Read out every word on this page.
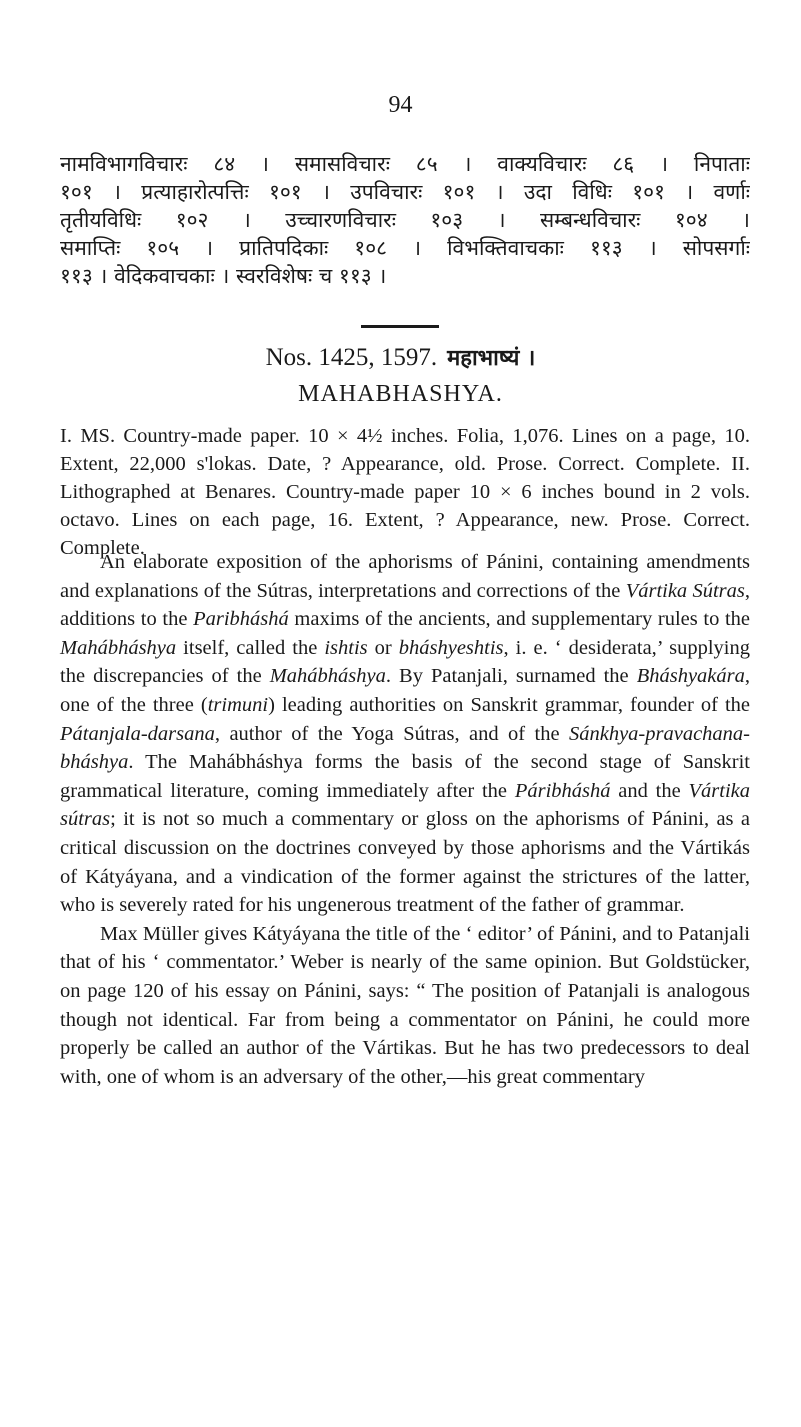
94
नामविभागविचारः ८४ । समासविचारः ८५ । वाक्यविचारः ८६ । निपाताः
१०१ । प्रत्याहारोत्पत्तिः १०१ । उपविचारः १०१ । उदा विधिः १०१ । वर्णाः
तृतीयविधिः १०२ । उच्चारणविचारः १०३ । सम्बन्धविचारः १०४ ।
समाप्तिः १०५ । प्रातिपदिकाः १०८ । विभक्तिवाचकाः ११३ । सोपसर्गाः
११३ । वेदिकवाचकाः । स्वरविशेषः च ११३ ।
Nos. 1425, 1597. महाभाष्यं ।
MAHABHASHYA.
I. MS. Country-made paper. 10 × 4½ inches. Folia, 1,076. Lines on a page, 10. Extent, 22,000 s'lokas. Date, ? Appearance, old. Prose. Correct. Complete. II. Lithographed at Benares. Country-made paper 10 × 6 inches bound in 2 vols. octavo. Lines on each page, 16. Extent, ? Appearance, new. Prose. Correct. Complete.

An elaborate exposition of the aphorisms of Pánini, containing amendments and explanations of the Sútras, interpretations and corrections of the Vártika Sútras, additions to the Paribháshá maxims of the ancients, and supplementary rules to the Mahábháshya itself, called the ishtis or bháshyeshtis, i. e. ‘ desiderata,’ supplying the discrepancies of the Mahábháshya. By Patanjali, surnamed the Bháshyakára, one of the three (trimuni) leading authorities on Sanskrit grammar, founder of the Pátanjala-darsana, author of the Yoga Sútras, and of the Sánkhya-pravachana-bháshya. The Mahábháshya forms the basis of the second stage of Sanskrit grammatical literature, coming immediately after the Páribháshá and the Vártika sútras; it is not so much a commentary or gloss on the aphorisms of Pánini, as a critical discussion on the doctrines conveyed by those aphorisms and the Vártikás of Kátyáyana, and a vindication of the former against the strictures of the latter, who is severely rated for his ungenerous treatment of the father of grammar.

Max Müller gives Kátyáyana the title of the ‘ editor’ of Pánini, and to Patanjali that of his ‘ commentator.’ Weber is nearly of the same opinion. But Goldstücker, on page 120 of his essay on Pánini, says: “ The position of Patanjali is analogous though not identical. Far from being a commentator on Pánini, he could more properly be called an author of the Vártikas. But he has two predecessors to deal with, one of whom is an adversary of the other,—his great commentary
